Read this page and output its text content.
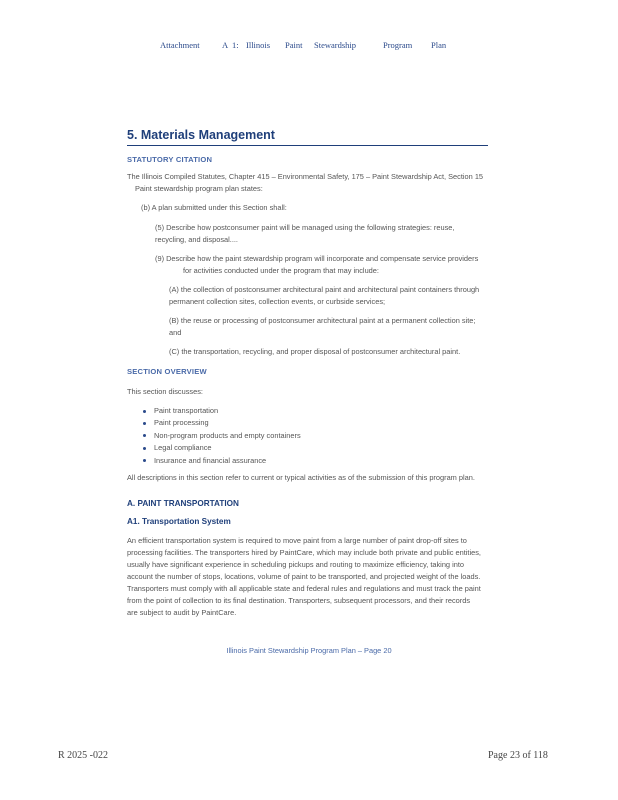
Attachment	A 1: Illinois Paint Stewardship	Program Plan
5. Materials Management
STATUTORY CITATION
The Illinois Compiled Statutes, Chapter 415 – Environmental Safety, 175 – Paint Stewardship Act, Section 15
Paint stewardship program plan states:
(b) A plan submitted under this Section shall:
(5) Describe how postconsumer paint will be managed using the following strategies: reuse,
recycling, and disposal....
(9) Describe how the paint stewardship program will incorporate and compensate service providers
for activities conducted under the program that may include:
(A) the collection of postconsumer architectural paint and architectural paint containers through
permanent collection sites, collection events, or curbside services;
(B) the reuse or processing of postconsumer architectural paint at a permanent collection site;
and
(C) the transportation, recycling, and proper disposal of postconsumer architectural paint.
SECTION OVERVIEW
This section discusses:
Paint transportation
Paint processing
Non-program products and empty containers
Legal compliance
Insurance and financial assurance
All descriptions in this section refer to current or typical activities as of the submission of this program plan.
A. PAINT TRANSPORTATION
A1. Transportation System
An efficient transportation system is required to move paint from a large number of paint drop-off sites to
processing facilities. The transporters hired by PaintCare, which may include both private and public entities,
usually have significant experience in scheduling pickups and routing to maximize efficiency, taking into
account the number of stops, locations, volume of paint to be transported, and projected weight of the loads.
Transporters must comply with all applicable state and federal rules and regulations and must track the paint
from the point of collection to its final destination. Transporters, subsequent processors, and their records
are subject to audit by PaintCare.
Illinois Paint Stewardship Program Plan – Page 20
R 2025 -022	Page 23 of 118
